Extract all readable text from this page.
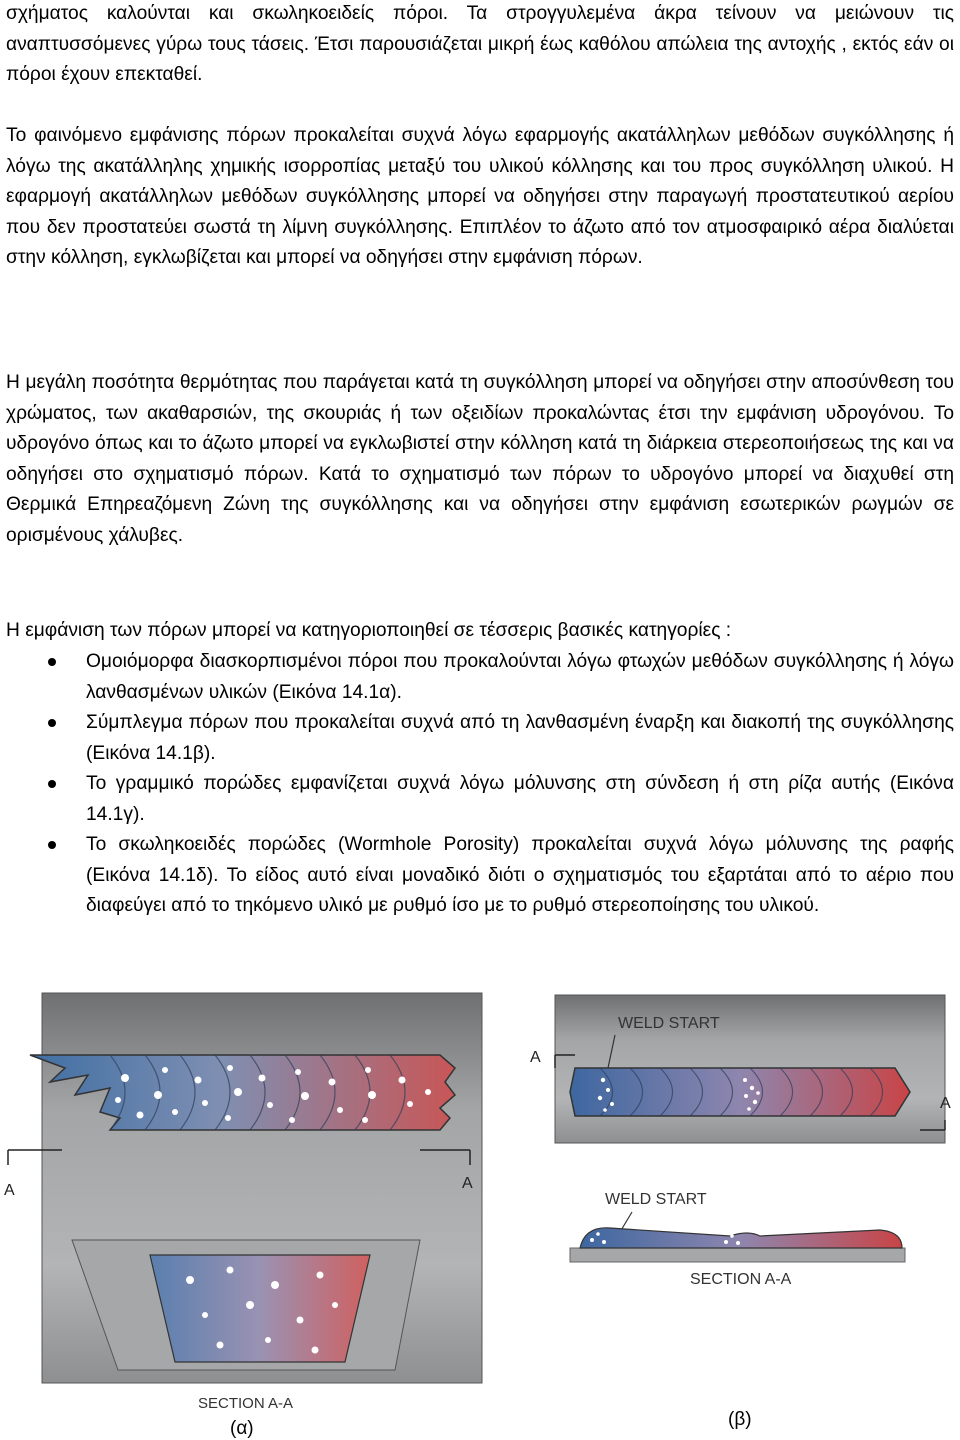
σχήματος καλούνται και σκωληκοειδείς πόροι. Τα στρογγυλεμένα άκρα τείνουν να μειώνουν τις αναπτυσσόμενες γύρω τους τάσεις. Έτσι παρουσιάζεται μικρή έως καθόλου απώλεια της αντοχής , εκτός εάν οι πόροι έχουν επεκταθεί.

Το φαινόμενο εμφάνισης πόρων προκαλείται συχνά λόγω εφαρμογής ακατάλληλων μεθόδων συγκόλλησης ή λόγω της ακατάλληλης χημικής ισορροπίας μεταξύ του υλικού κόλλησης και του προς συγκόλληση υλικού. Η εφαρμογή ακατάλληλων μεθόδων συγκόλλησης μπορεί να οδηγήσει στην παραγωγή προστατευτικού αερίου που δεν προστατεύει σωστά τη λίμνη συγκόλλησης. Επιπλέον το άζωτο από τον ατμοσφαιρικό αέρα διαλύεται στην κόλληση, εγκλωβίζεται και μπορεί να οδηγήσει στην εμφάνιση πόρων.

Η μεγάλη ποσότητα θερμότητας που παράγεται κατά τη συγκόλληση μπορεί να οδηγήσει στην αποσύνθεση του χρώματος, των ακαθαρσιών, της σκουριάς ή των οξειδίων προκαλώντας έτσι την εμφάνιση υδρογόνου. Το υδρογόνο όπως και το άζωτο μπορεί να εγκλωβιστεί στην κόλληση κατά τη διάρκεια στερεοποιήσεως της και να οδηγήσει στο σχηματισμό πόρων. Κατά το σχηματισμό των πόρων το υδρογόνο μπορεί να διαχυθεί στη Θερμικά Επηρεαζόμενη Ζώνη της συγκόλλησης και να οδηγήσει στην εμφάνιση εσωτερικών ρωγμών σε ορισμένους χάλυβες.

Η εμφάνιση των πόρων μπορεί να κατηγοριοποιηθεί σε τέσσερις βασικές κατηγορίες :

Ομοιόμορφα διασκορπισμένοι πόροι που προκαλούνται λόγω φτωχών μεθόδων συγκόλλησης ή λόγω λανθασμένων υλικών (Εικόνα 14.1α).
Σύμπλεγμα πόρων που προκαλείται συχνά από τη λανθασμένη έναρξη και διακοπή της συγκόλλησης (Εικόνα 14.1β).
Το γραμμικό πορώδες εμφανίζεται συχνά λόγω μόλυνσης στη σύνδεση ή στη ρίζα αυτής (Εικόνα 14.1γ).
Το σκωληκοειδές πορώδες (Wormhole Porosity) προκαλείται συχνά λόγω μόλυνσης της ραφής (Εικόνα 14.1δ). Το είδος αυτό είναι μοναδικό διότι ο σχηματισμός του εξαρτάται από το αέριο που διαφεύγει από το τηκόμενο υλικό με ρυθμό ίσο με το ρυθμό στερεοποίησης του υλικού.
A	A
SECTION A-A
WELD START
A
A
WELD START
SECTION A-A
(α)	(β)
